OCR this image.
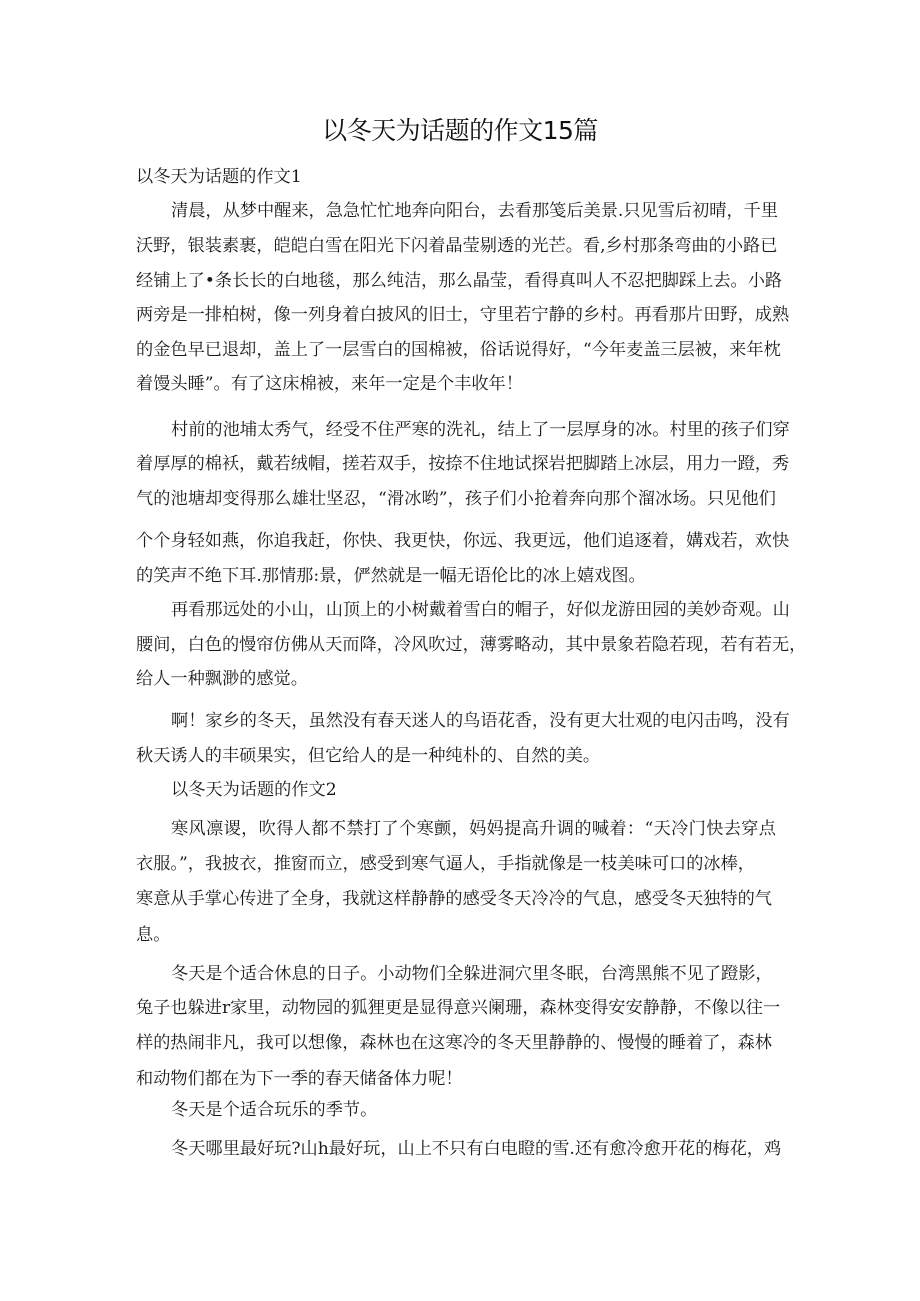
以冬天为话题的作文15篇
以冬天为话题的作文1
清晨，从梦中醒来，急急忙忙地奔向阳台，去看那笺后美景.只见雪后初晴，千里
沃野，银装素裹，皑皑白雪在阳光下闪着晶莹剔透的光芒。看,乡村那条弯曲的小路已
经铺上了•条长长的白地毯，那么纯洁，那么晶莹，看得真叫人不忍把脚踩上去。小路
两旁是一排柏树，像一列身着白披风的旧士，守里若宁静的乡村。再看那片田野，成熟
的金色早已退却，盖上了一层雪白的国棉被，俗话说得好，“今年麦盖三层被，来年枕
着馒头睡”。有了这床棉被，来年一定是个丰收年！
村前的池埔太秀气，经受不住严寒的洗礼，结上了一层厚身的冰。村里的孩子们穿
着厚厚的棉袄，戴若绒帽，搓若双手，按捺不住地试探岩把脚踏上冰层，用力一蹬，秀
气的池塘却变得那么雄壮坚忍，“滑冰哟”，孩子们小抢着奔向那个溜冰场。只见他们
个个身轻如燕，你追我赶，你快、我更快，你远、我更远，他们追逐着，媾戏若，欢快
的笑声不绝下耳.那情那:景，俨然就是一幅无语伦比的冰上嬉戏图。
再看那远处的小山，山顶上的小树戴着雪白的帽子，好似龙游田园的美妙奇观。山
腰间，白色的慢帘仿佛从天而降，冷风吹过，薄雾略动，其中景象若隐若现，若有若无，
给人一种飘渺的感觉。
啊！家乡的冬天，虽然没有春天迷人的鸟语花香，没有更大壮观的电闪击鸣，没有
秋天诱人的丰硕果实，但它给人的是一种纯朴的、自然的美。
以冬天为话题的作文2
寒风凛谡，吹得人都不禁打了个寒颤，妈妈提高升调的喊着：“天冷门快去穿点
衣服。”，我披衣，推窗而立，感受到寒气逼人，手指就像是一枝美味可口的冰棒，
寒意从手掌心传进了全身，我就这样静静的感受冬天冷冷的气息，感受冬天独特的气
息。
冬天是个适合休息的日子。小动物们全躲进洞穴里冬眠，台湾黑熊不见了蹬影，
兔子也躲进r家里，动物园的狐狸更是显得意兴阑珊，森林变得安安静静，不像以往一
样的热闹非凡，我可以想像，森林也在这寒冷的冬天里静静的、慢慢的睡着了，森林
和动物们都在为下一季的春天储备体力呢！
冬天是个适合玩乐的季节。
冬天哪里最好玩?山h最好玩，山上不只有白电瞪的雪.还有愈冷愈开花的梅花，鸡
